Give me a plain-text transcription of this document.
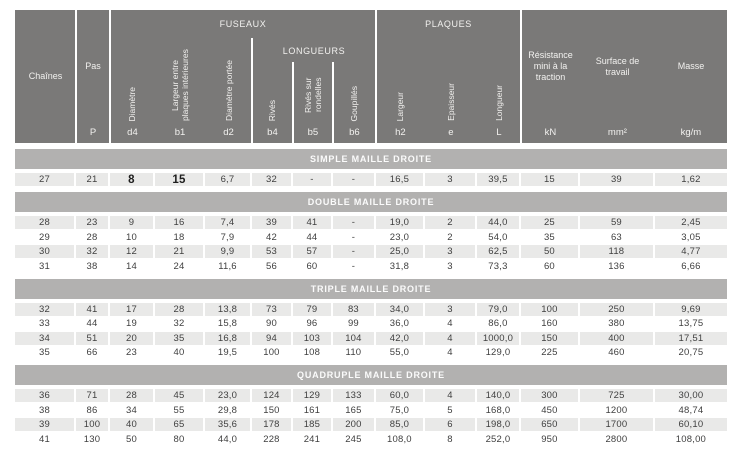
Chaînes
Pas
FUSEAUX
LONGUEURS
PLAQUES
Diamètre	Largeur entre plaques intérieures	Diamètre portée	Rivés	Rivés sur rondelles	Goupillés	Largeur	Epaisseur	Longueur
Résistance mini à la traction
Surface de travail
Masse
P	d4	b1	d2	b4	b5	b6	h2	e	L	kN	mm²	kg/m
SIMPLE MAILLE DROITE
27	21	8	15	6,7	32	-	-	16,5	3	39,5	15	39	1,62
DOUBLE MAILLE DROITE
28	23	9	16	7,4	39	41	-	19,0	2	44,0	25	59	2,45
29	28	10	18	7,9	42	44	-	23,0	2	54,0	35	63	3,05
30	32	12	21	9,9	53	57	-	25,0	3	62,5	50	118	4,77
31	38	14	24	11,6	56	60	-	31,8	3	73,3	60	136	6,66
TRIPLE MAILLE DROITE
32	41	17	28	13,8	73	79	83	34,0	3	79,0	100	250	9,69
33	44	19	32	15,8	90	96	99	36,0	4	86,0	160	380	13,75
34	51	20	35	16,8	94	103	104	42,0	4	1000,0	150	400	17,51
35	66	23	40	19,5	100	108	110	55,0	4	129,0	225	460	20,75
QUADRUPLE MAILLE DROITE
36	71	28	45	23,0	124	129	133	60,0	4	140,0	300	725	30,00
38	86	34	55	29,8	150	161	165	75,0	5	168,0	450	1200	48,74
39	100	40	65	35,6	178	185	200	85,0	6	198,0	650	1700	60,10
41	130	50	80	44,0	228	241	245	108,0	8	252,0	950	2800	108,00
